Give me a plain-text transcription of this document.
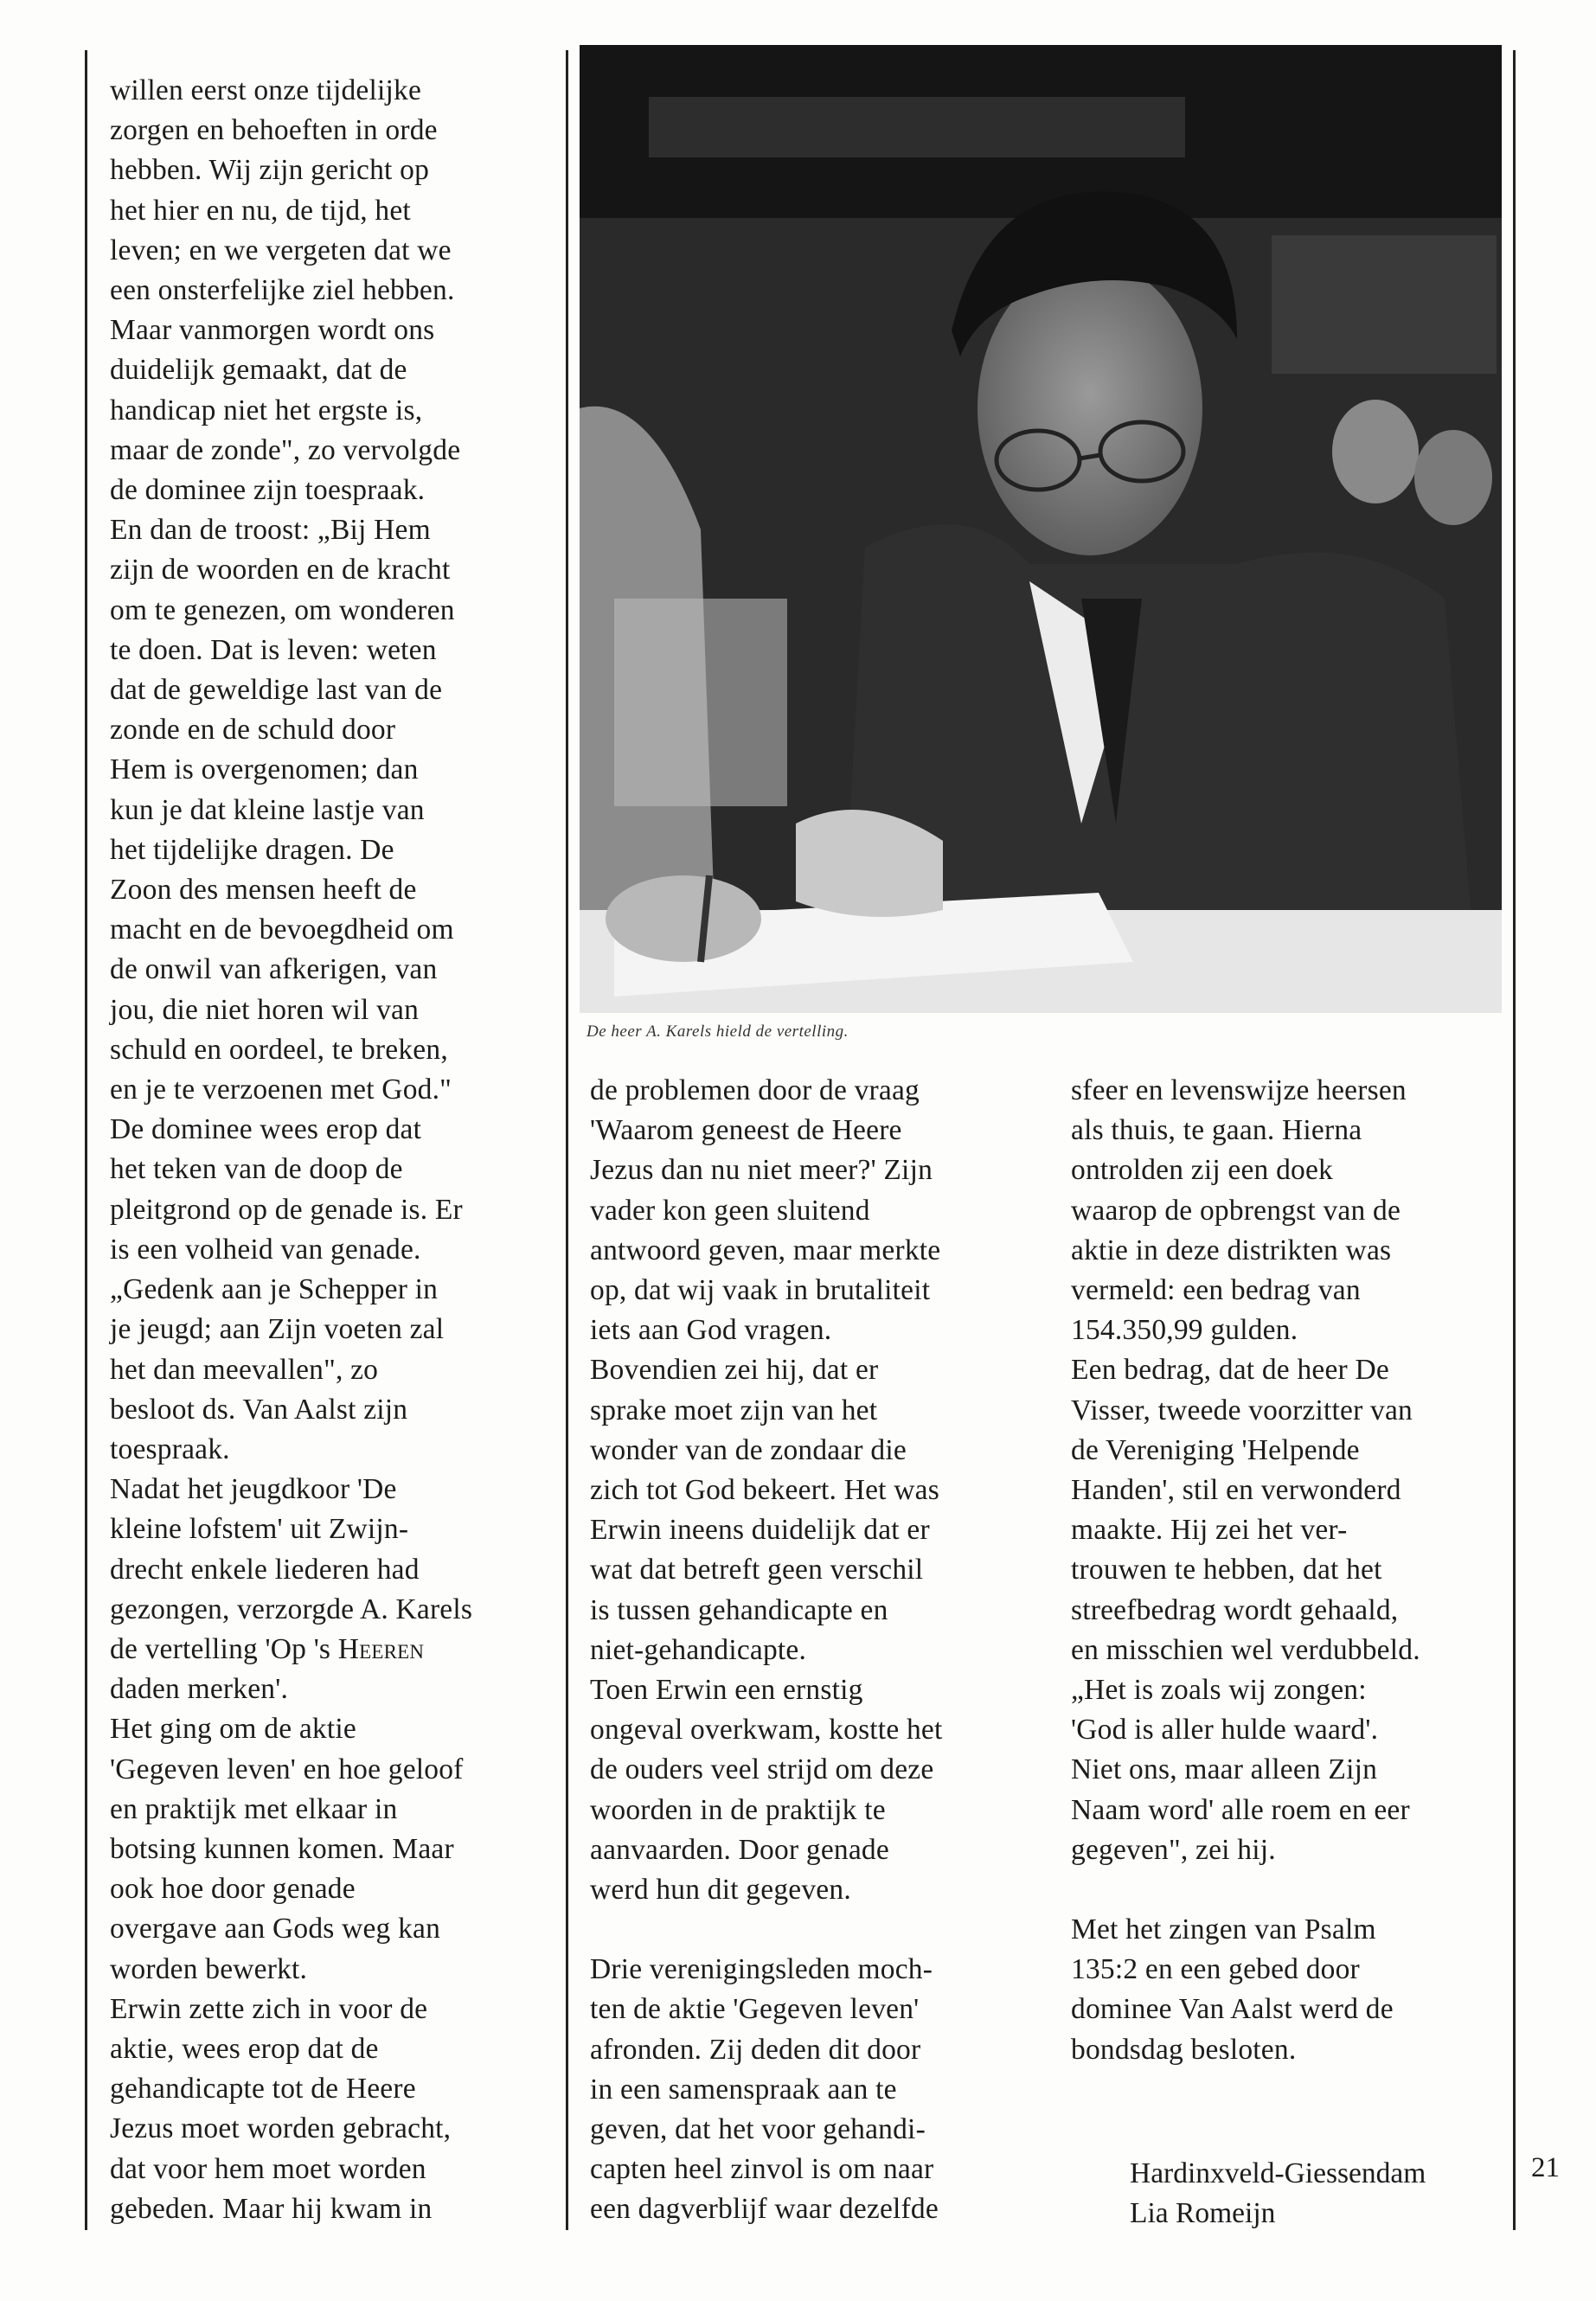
willen eerst onze tijdelijke
zorgen en behoeften in orde
hebben. Wij zijn gericht op
het hier en nu, de tijd, het
leven; en we vergeten dat we
een onsterfelijke ziel hebben.
Maar vanmorgen wordt ons
duidelijk gemaakt, dat de
handicap niet het ergste is,
maar de zonde", zo vervolgde
de dominee zijn toespraak.
En dan de troost: „Bij Hem
zijn de woorden en de kracht
om te genezen, om wonderen
te doen. Dat is leven: weten
dat de geweldige last van de
zonde en de schuld door
Hem is overgenomen; dan
kun je dat kleine lastje van
het tijdelijke dragen. De
Zoon des mensen heeft de
macht en de bevoegdheid om
de onwil van afkerigen, van
jou, die niet horen wil van
schuld en oordeel, te breken,
en je te verzoenen met God."
De dominee wees erop dat
het teken van de doop de
pleitgrond op de genade is. Er
is een volheid van genade.
„Gedenk aan je Schepper in
je jeugd; aan Zijn voeten zal
het dan meevallen", zo
besloot ds. Van Aalst zijn
toespraak.
Nadat het jeugdkoor 'De
kleine lofstem' uit Zwijn-
drecht enkele liederen had
gezongen, verzorgde A. Karels
de vertelling 'Op 's Heeren
daden merken'.
Het ging om de aktie
'Gegeven leven' en hoe geloof
en praktijk met elkaar in
botsing kunnen komen. Maar
ook hoe door genade
overgave aan Gods weg kan
worden bewerkt.
Erwin zette zich in voor de
aktie, wees erop dat de
gehandicapte tot de Heere
Jezus moet worden gebracht,
dat voor hem moet worden
gebeden. Maar hij kwam in
De heer A. Karels hield de vertelling.
de problemen door de vraag
'Waarom geneest de Heere
Jezus dan nu niet meer?' Zijn
vader kon geen sluitend
antwoord geven, maar merkte
op, dat wij vaak in brutaliteit
iets aan God vragen.
Bovendien zei hij, dat er
sprake moet zijn van het
wonder van de zondaar die
zich tot God bekeert. Het was
Erwin ineens duidelijk dat er
wat dat betreft geen verschil
is tussen gehandicapte en
niet-gehandicapte.
Toen Erwin een ernstig
ongeval overkwam, kostte het
de ouders veel strijd om deze
woorden in de praktijk te
aanvaarden. Door genade
werd hun dit gegeven.
Drie verenigingsleden moch-
ten de aktie 'Gegeven leven'
afronden. Zij deden dit door
in een samenspraak aan te
geven, dat het voor gehandi-
capten heel zinvol is om naar
een dagverblijf waar dezelfde
sfeer en levenswijze heersen
als thuis, te gaan. Hierna
ontrolden zij een doek
waarop de opbrengst van de
aktie in deze distrikten was
vermeld: een bedrag van
154.350,99 gulden.
Een bedrag, dat de heer De
Visser, tweede voorzitter van
de Vereniging 'Helpende
Handen', stil en verwonderd
maakte. Hij zei het ver-
trouwen te hebben, dat het
streefbedrag wordt gehaald,
en misschien wel verdubbeld.
„Het is zoals wij zongen:
'God is aller hulde waard'.
Niet ons, maar alleen Zijn
Naam word' alle roem en eer
gegeven", zei hij.
Met het zingen van Psalm
135:2 en een gebed door
dominee Van Aalst werd de
bondsdag besloten.
Hardinxveld-Giessendam
Lia Romeijn
21
